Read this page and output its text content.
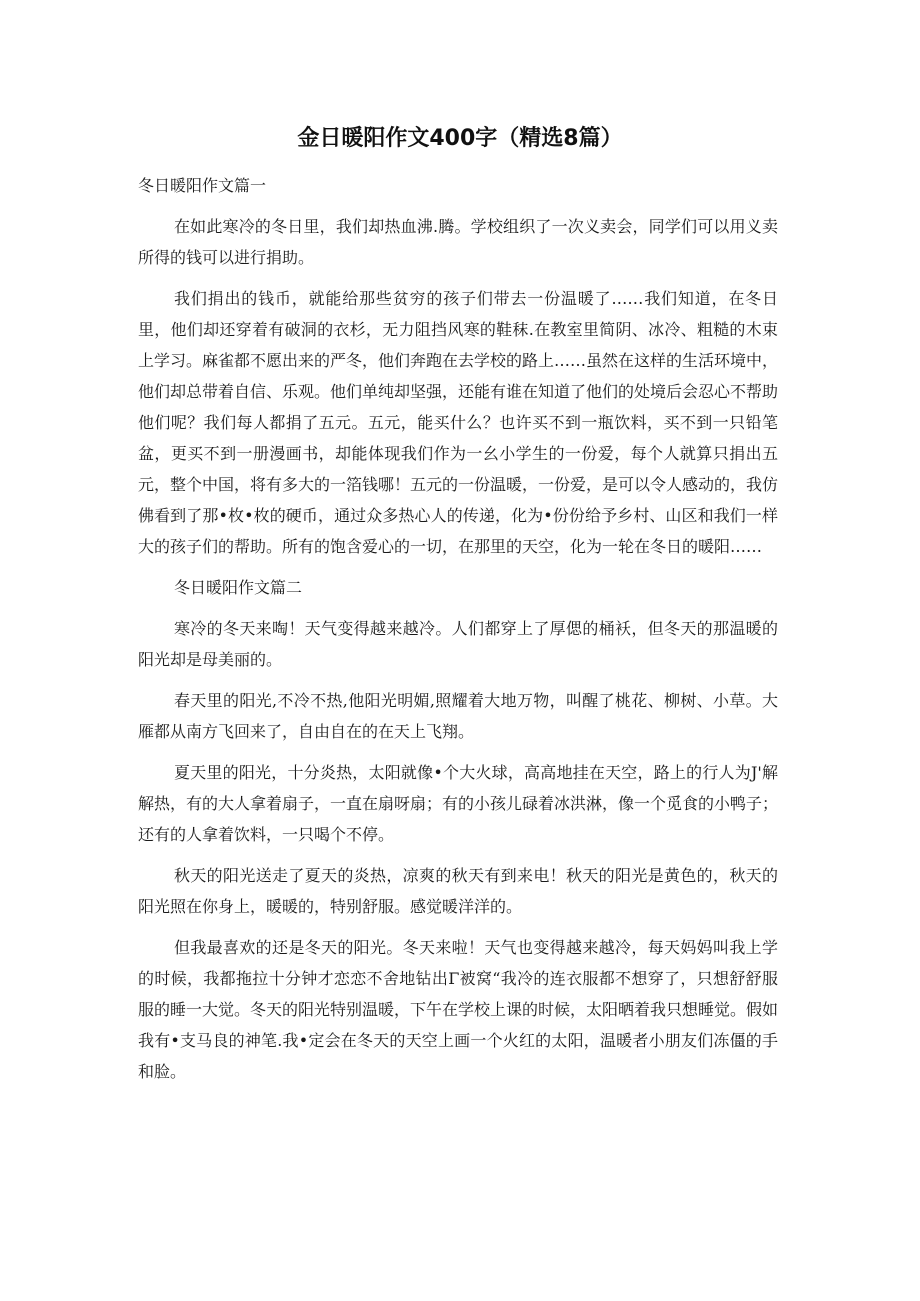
金日暖阳作文400字（精选8篇）

冬日暖阳作文篇一

在如此寒冷的冬日里，我们却热血沸.腾。学校组织了一次义卖会，同学们可以用义卖所得的钱可以进行捐助。

我们捐出的钱币，就能给那些贫穷的孩子们带去一份温暖了……我们知道，在冬日里，他们却还穿着有破洞的衣杉，无力阻挡风寒的鞋秣.在教室里简阴、冰冷、粗糙的木束上学习。麻雀都不愿出来的严冬，他们奔跑在去学校的路上……虽然在这样的生活环境中，他们却总带着自信、乐观。他们单纯却坚强，还能有谁在知道了他们的处境后会忍心不帮助他们呢？我们每人都捐了五元。五元，能买什么？也许买不到一瓶饮料，买不到一只铅笔盆，更买不到一册漫画书，却能体现我们作为一幺小学生的一份爱，每个人就算只捐出五元，整个中国，将有多大的一箔钱哪！五元的一份温暖，一份爱，是可以令人感动的，我仿佛看到了那•枚•枚的硬币，通过众多热心人的传递，化为•份份给予乡村、山区和我们一样大的孩子们的帮助。所有的饱含爱心的一切，在那里的天空，化为一轮在冬日的暖阳……

冬日暖阳作文篇二

寒冷的冬天来啕！天气变得越来越冷。人们都穿上了厚偲的桶袄，但冬天的那温暖的阳光却是母美丽的。

春天里的阳光,不冷不热,他阳光明媚,照耀着大地万物，叫醒了桃花、柳树、小草。大雁都从南方飞回来了，自由自在的在天上飞翔。

夏天里的阳光，十分炎热，太阳就像•个大火球，高高地挂在天空，路上的行人为J'解解热，有的大人拿着扇子，一直在扇呀扇；有的小孩儿碌着冰洪淋，像一个觅食的小鸭子；还有的人拿着饮料，一只喝个不停。

秋天的阳光送走了夏天的炎热，凉爽的秋天有到来电！秋天的阳光是黄色的，秋天的阳光照在你身上，暖暖的，特别舒服。感觉暖洋洋的。

但我最喜欢的还是冬天的阳光。冬天来啦！天气也变得越来越冷，每天妈妈叫我上学的时候，我都拖拉十分钟才恋恋不舍地钻出Γ被窝“我冷的连衣服都不想穿了，只想舒舒服服的睡一大觉。冬天的阳光特别温暖，下午在学校上课的时候，太阳晒着我只想睡觉。假如我有•支马良的神笔.我•定会在冬天的天空上画一个火红的太阳，温暖者小朋友们冻僵的手和脸。
